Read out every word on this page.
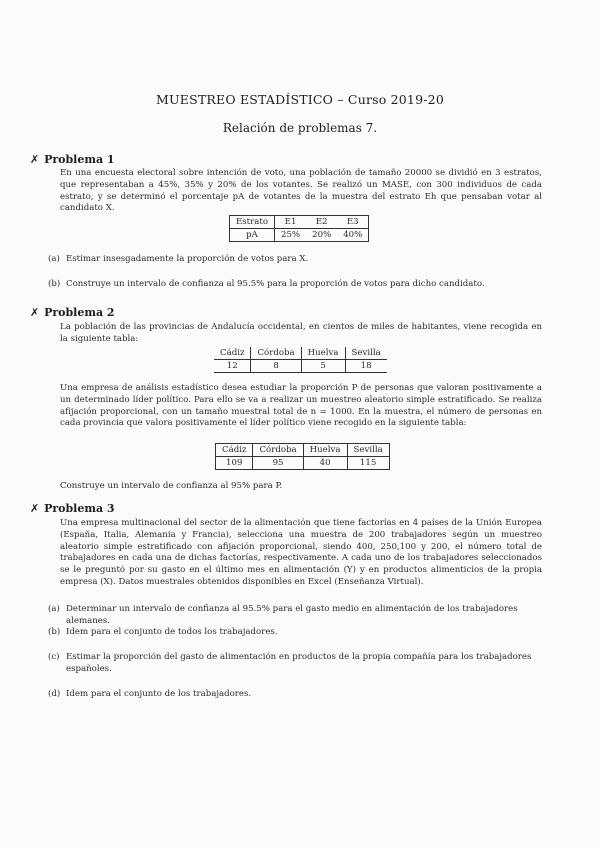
MUESTREO ESTADÍSTICO – Curso 2019-20
Relación de problemas 7.
✗ Problema 1
En una encuesta electoral sobre intención de voto, una población de tamaño 20000 se dividió en 3 estratos, que representaban a 45%, 35% y 20% de los votantes. Se realizó un MASE, con 300 individuos de cada estrato, y se determinó el porcentaje pA de votantes de la muestra del estrato Eh que pensaban votar al candidato X.
Estrato	E1	E2	E3
pA	25%	20%	40%
(a) Estimar insesgadamente la proporción de votos para X.
(b) Construye un intervalo de confianza al 95.5% para la proporción de votos para dicho candidato.
✗ Problema 2
La población de las provincias de Andalucía occidental, en cientos de miles de habitantes, viene recogida en la siguiente tabla:
Cádiz	Córdoba	Huelva	Sevilla
12	8	5	18
Una empresa de análisis estadístico desea estudiar la proporción P de personas que valoran positivamente a un determinado líder político. Para ello se va a realizar un muestreo aleatorio simple estratificado. Se realiza afijación proporcional, con un tamaño muestral total de n = 1000. En la muestra, el número de personas en cada provincia que valora positivamente el líder político viene recogido en la siguiente tabla:
Cádiz	Córdoba	Huelva	Sevilla
109	95	40	115
Construye un intervalo de confianza al 95% para P.
✗ Problema 3
Una empresa multinacional del sector de la alimentación que tiene factorías en 4 países de la Unión Europea (España, Italia, Alemania y Francia), selecciona una muestra de 200 trabajadores según un muestreo aleatorio simple estratificado con afijación proporcional, siendo 400, 250,100 y 200, el número total de trabajadores en cada una de dichas factorías, respectivamente. A cada uno de los trabajadores seleccionados se le preguntó por su gasto en el último mes en alimentación (Y) y en productos alimenticios de la propia empresa (X). Datos muestrales obtenidos disponibles en Excel (Enseñanza Virtual).
(a) Determinar un intervalo de confianza al 95.5% para el gasto medio en alimentación de los trabajadores alemanes.
(b) Idem para el conjunto de todos los trabajadores.
(c) Estimar la proporción del gasto de alimentación en productos de la propia compañía para los trabajadores españoles.
(d) Idem para el conjunto de los trabajadores.
